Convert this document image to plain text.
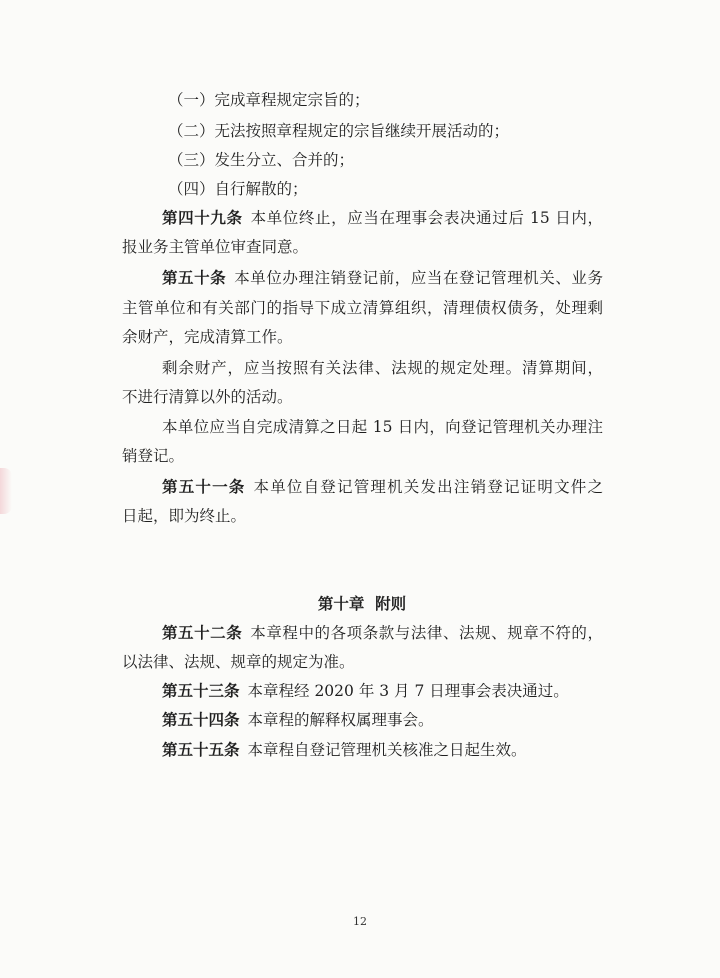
（一）完成章程规定宗旨的；
（二）无法按照章程规定的宗旨继续开展活动的；
（三）发生分立、合并的；
（四）自行解散的；
第四十九条 本单位终止，应当在理事会表决通过后 15 日内，
报业务主管单位审查同意。
第五十条 本单位办理注销登记前，应当在登记管理机关、业务
主管单位和有关部门的指导下成立清算组织，清理债权债务，处理剩
余财产，完成清算工作。
剩余财产，应当按照有关法律、法规的规定处理。清算期间，
不进行清算以外的活动。
本单位应当自完成清算之日起 15 日内，向登记管理机关办理注
销登记。
第五十一条 本单位自登记管理机关发出注销登记证明文件之
日起，即为终止。
第十章  附则
第五十二条 本章程中的各项条款与法律、法规、规章不符的，
以法律、法规、规章的规定为准。
第五十三条 本章程经 2020 年 3 月 7 日理事会表决通过。
第五十四条 本章程的解释权属理事会。
第五十五条 本章程自登记管理机关核准之日起生效。
12
